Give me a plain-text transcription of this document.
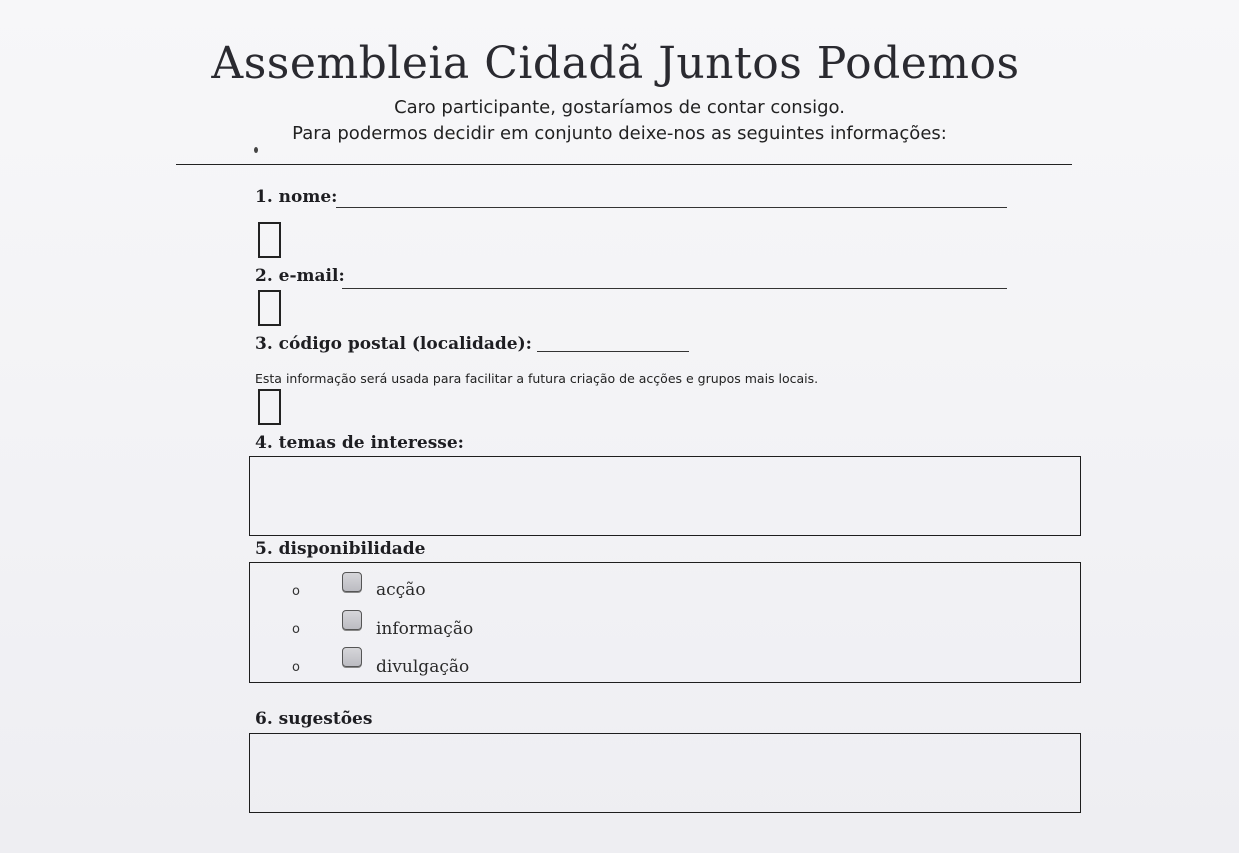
Assembleia Cidadã Juntos Podemos
Caro participante, gostaríamos de contar consigo.
Para podermos decidir em conjunto deixe-nos as seguintes informações:
1. nome:
2. e-mail:
3. código postal (localidade):
Esta informação será usada para facilitar a futura criação de acções e grupos mais locais.
4. temas de interesse:
5. disponibilidade
o	acção
o	informação
o	divulgação
6. sugestões
